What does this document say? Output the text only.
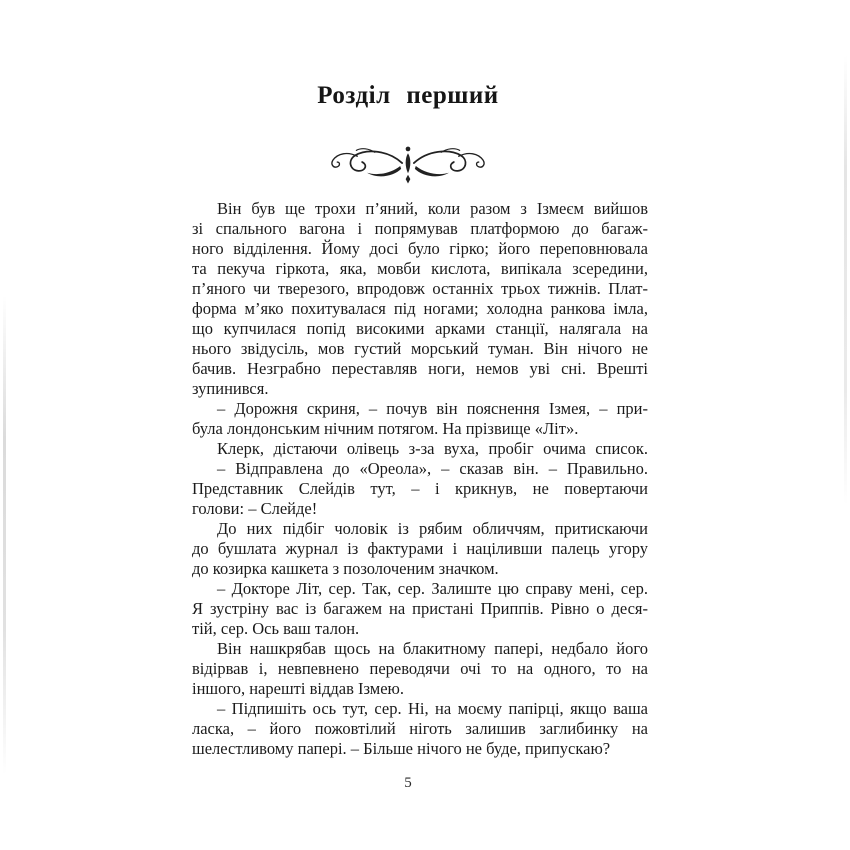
Розділ перший
Він був ще трохи п’яний, коли разом з Ізмеєм вийшов
зі спального вагона і попрямував платформою до багаж-
ного відділення. Йому досі було гірко; його переповнювала
та пекуча гіркота, яка, мовби кислота, випікала зсередини,
п’яного чи тверезого, впродовж останніх трьох тижнів. Плат-
форма м’яко похитувалася під ногами; холодна ранкова імла,
що купчилася попід високими арками станції, налягала на
нього звідусіль, мов густий морський туман. Він нічого не
бачив. Незграбно переставляв ноги, немов уві сні. Врешті
зупинився.
– Дорожня скриня, – почув він пояснення Ізмея, – при-
була лондонським нічним потягом. На прізвище «Літ».
Клерк, дістаючи олівець з-за вуха, пробіг очима список.
– Відправлена до «Ореола», – сказав він. – Правильно.
Представник Слейдів тут, – і крикнув, не повертаючи
голови: – Слейде!
До них підбіг чоловік із рябим обличчям, притискаючи
до бушлата журнал із фактурами і націливши палець угору
до козирка кашкета з позолоченим значком.
– Докторе Літ, сер. Так, сер. Залиште цю справу мені, сер.
Я зустріну вас із багажем на пристані Приппів. Рівно о деся-
тій, сер. Ось ваш талон.
Він нашкрябав щось на блакитному папері, недбало його
відірвав і, невпевнено переводячи очі то на одного, то на
іншого, нарешті віддав Ізмею.
– Підпишіть ось тут, сер. Ні, на моєму папірці, якщо ваша
ласка, – його пожовтілий ніготь залишив заглибинку на
шелестливому папері. – Більше нічого не буде, припускаю?
5
